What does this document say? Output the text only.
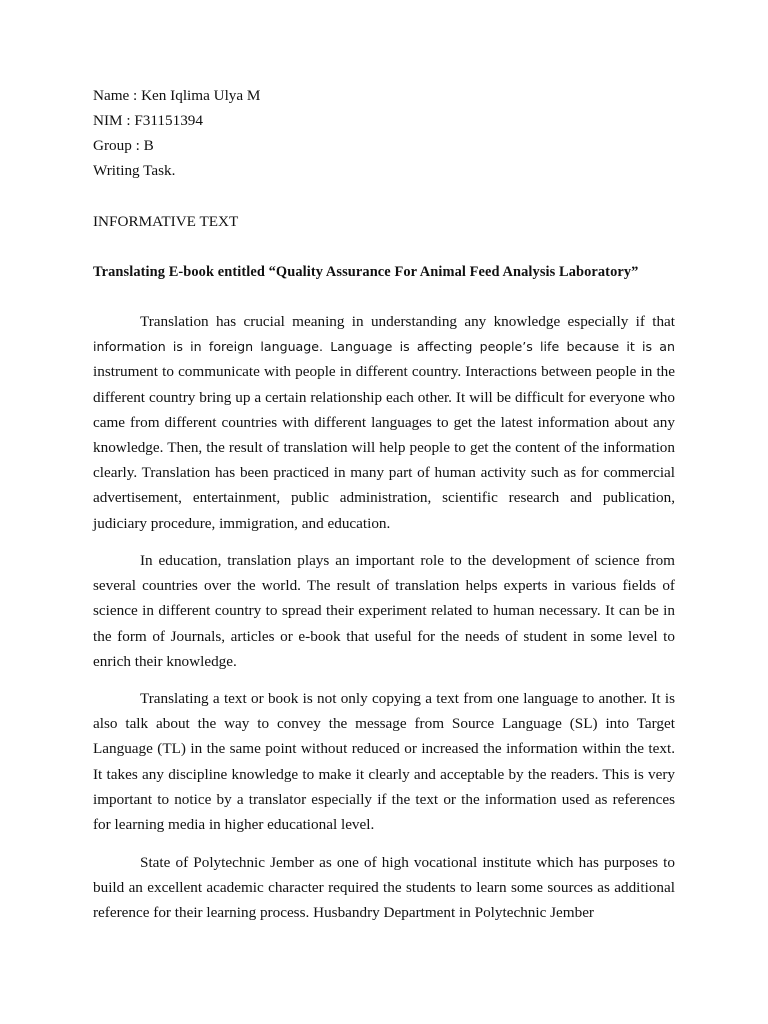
Name : Ken Iqlima Ulya M
NIM : F31151394
Group : B
Writing Task.
INFORMATIVE TEXT
Translating E-book entitled “Quality Assurance For Animal Feed Analysis Laboratory”

Translation has crucial meaning in understanding any knowledge especially if that information is in foreign language. Language is affecting people’s life because it is an instrument to communicate with people in different country. Interactions between people in the different country bring up a certain relationship each other. It will be difficult for everyone who came from different countries with different languages to get the latest information about any knowledge. Then, the result of translation will help people to get the content of the information clearly. Translation has been practiced in many part of human activity such as for commercial advertisement, entertainment, public administration, scientific research and publication, judiciary procedure, immigration, and education.

In education, translation plays an important role to the development of science from several countries over the world. The result of translation helps experts in various fields of science in different country to spread their experiment related to human necessary. It can be in the form of Journals, articles or e-book that useful for the needs of student in some level to enrich their knowledge.

Translating a text or book is not only copying a text from one language to another. It is also talk about the way to convey the message from Source Language (SL) into Target Language (TL) in the same point without reduced or increased the information within the text. It takes any discipline knowledge to make it clearly and acceptable by the readers. This is very important to notice by a translator especially if the text or the information used as references for learning media in higher educational level.

State of Polytechnic Jember as one of high vocational institute which has purposes to build an excellent academic character required the students to learn some sources as additional reference for their learning process. Husbandry Department in Polytechnic Jember
